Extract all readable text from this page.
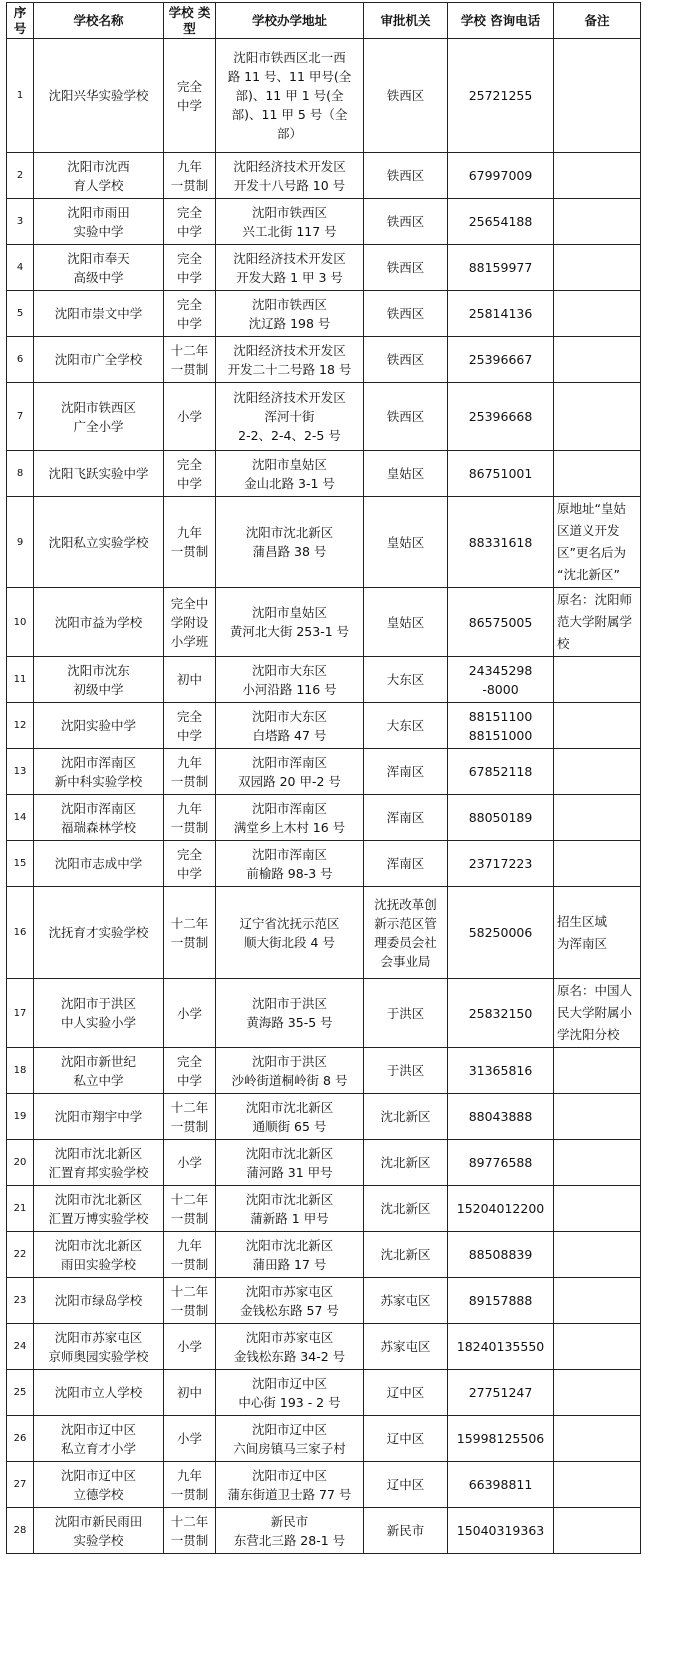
序 号	学校名称	学校 类型	学校办学地址	审批机关	学校 咨询电话	备注

1	沈阳兴华实验学校	完全
中学	沈阳市铁西区北一西
路 11 号、11 甲号(全
部)、11 甲 1 号(全
部)、11 甲 5 号（全
部）	铁西区	25721255	

2	沈阳市沈西
育人学校	九年
一贯制	沈阳经济技术开发区
开发十八号路 10 号	铁西区	67997009	

3	沈阳市雨田
实验中学	完全
中学	沈阳市铁西区
兴工北街 117 号	铁西区	25654188	

4	沈阳市奉天
高级中学	完全
中学	沈阳经济技术开发区
开发大路 1 甲 3 号	铁西区	88159977	

5	沈阳市崇文中学	完全
中学	沈阳市铁西区
沈辽路 198 号	铁西区	25814136	

6	沈阳市广全学校	十二年
一贯制	沈阳经济技术开发区
开发二十二号路 18 号	铁西区	25396667	

7	沈阳市铁西区
广全小学	小学	沈阳经济技术开发区
浑河十街
2-2、2-4、2-5 号	铁西区	25396668	

8	沈阳飞跃实验中学	完全
中学	沈阳市皇姑区
金山北路 3-1 号	皇姑区	86751001	

9	沈阳私立实验学校	九年
一贯制	沈阳市沈北新区
蒲昌路 38 号	皇姑区	88331618	原地址“皇姑
区道义开发
区”更名后为
“沈北新区”

10	沈阳市益为学校	完全中
学附设
小学班	沈阳市皇姑区
黄河北大街 253-1 号	皇姑区	86575005	原名：沈阳师
范大学附属学
校

11	沈阳市沈东
初级中学	初中	沈阳市大东区
小河沿路 116 号	大东区	24345298
-8000	

12	沈阳实验中学	完全
中学	沈阳市大东区
白塔路 47 号	大东区	88151100
88151000	

13	沈阳市浑南区
新中科实验学校	九年
一贯制	沈阳市浑南区
双园路 20 甲-2 号	浑南区	67852118	

14	沈阳市浑南区
福瑞森林学校	九年
一贯制	沈阳市浑南区
满堂乡上木村 16 号	浑南区	88050189	

15	沈阳市志成中学	完全
中学	沈阳市浑南区
前榆路 98-3 号	浑南区	23717223	

16	沈抚育才实验学校	十二年
一贯制	辽宁省沈抚示范区
顺大街北段 4 号	沈抚改革创
新示范区管
理委员会社
会事业局	58250006	招生区域
为浑南区

17	沈阳市于洪区
中人实验小学	小学	沈阳市于洪区
黄海路 35-5 号	于洪区	25832150	原名：中国人
民大学附属小
学沈阳分校

18	沈阳市新世纪
私立中学	完全
中学	沈阳市于洪区
沙岭街道桐岭街 8 号	于洪区	31365816	

19	沈阳市翔宇中学	十二年
一贯制	沈阳市沈北新区
通顺街 65 号	沈北新区	88043888	

20	沈阳市沈北新区
汇置育邦实验学校	小学	沈阳市沈北新区
蒲河路 31 甲号	沈北新区	89776588	

21	沈阳市沈北新区
汇置万博实验学校	十二年
一贯制	沈阳市沈北新区
蒲新路 1 甲号	沈北新区	15204012200	

22	沈阳市沈北新区
雨田实验学校	九年
一贯制	沈阳市沈北新区
蒲田路 17 号	沈北新区	88508839	

23	沈阳市绿岛学校	十二年
一贯制	沈阳市苏家屯区
金钱松东路 57 号	苏家屯区	89157888	

24	沈阳市苏家屯区
京师奥园实验学校	小学	沈阳市苏家屯区
金钱松东路 34-2 号	苏家屯区	18240135550	

25	沈阳市立人学校	初中	沈阳市辽中区
中心街 193 - 2 号	辽中区	27751247	

26	沈阳市辽中区
私立育才小学	小学	沈阳市辽中区
六间房镇马三家子村	辽中区	15998125506	

27	沈阳市辽中区
立德学校	九年
一贯制	沈阳市辽中区
蒲东街道卫士路 77 号	辽中区	66398811	

28	沈阳市新民雨田
实验学校	十二年
一贯制	新民市
东营北三路 28-1 号	新民市	15040319363	
